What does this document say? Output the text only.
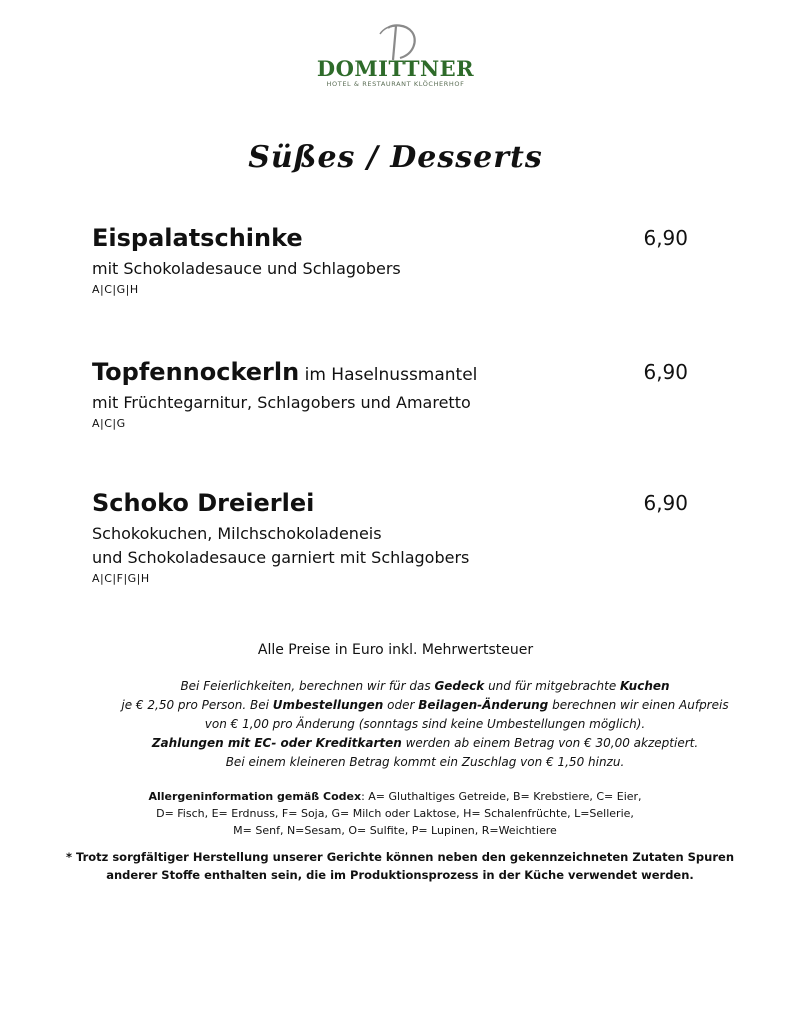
DOMITTNER
HOTEL & RESTAURANT KLÖCHERHOF
Süßes / Desserts
Eispalatschinke	6,90
mit Schokoladesauce und Schlagobers
A|C|G|H
Topfennockerln im Haselnussmantel	6,90
mit Früchtegarnitur, Schlagobers und Amaretto
A|C|G
Schoko Dreierlei	6,90
Schokokuchen, Milchschokoladeneis
und Schokoladesauce garniert mit Schlagobers
A|C|F|G|H
Alle Preise in Euro inkl. Mehrwertsteuer
Bei Feierlichkeiten, berechnen wir für das Gedeck und für mitgebrachte Kuchen
je € 2,50 pro Person. Bei Umbestellungen oder Beilagen-Änderung berechnen wir einen Aufpreis
von € 1,00 pro Änderung (sonntags sind keine Umbestellungen möglich).
Zahlungen mit EC- oder Kreditkarten werden ab einem Betrag von € 30,00 akzeptiert.
Bei einem kleineren Betrag kommt ein Zuschlag von € 1,50 hinzu.
Allergeninformation gemäß Codex: A= Gluthaltiges Getreide, B= Krebstiere, C= Eier,
D= Fisch, E= Erdnuss, F= Soja, G= Milch oder Laktose, H= Schalenfrüchte, L=Sellerie,
M= Senf, N=Sesam, O= Sulfite, P= Lupinen, R=Weichtiere
* Trotz sorgfältiger Herstellung unserer Gerichte können neben den gekennzeichneten Zutaten Spuren
anderer Stoffe enthalten sein, die im Produktionsprozess in der Küche verwendet werden.
